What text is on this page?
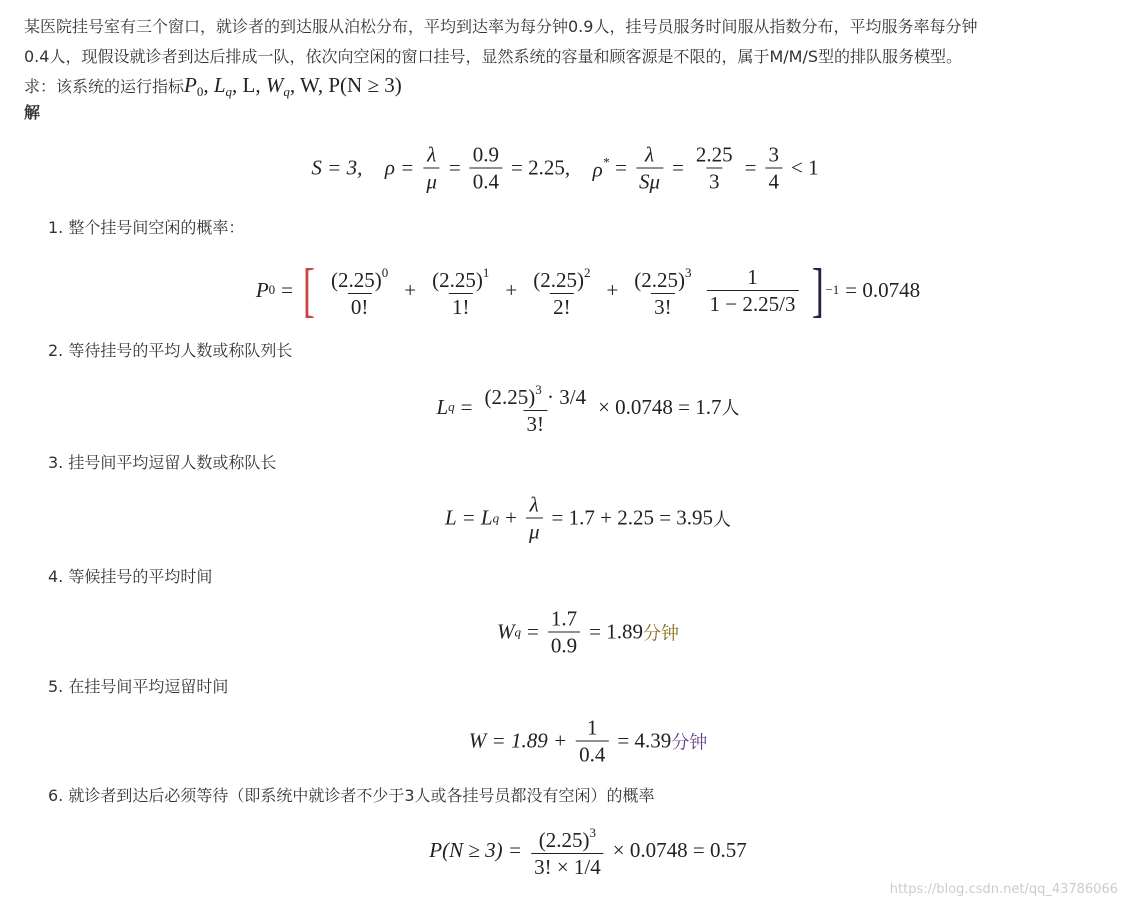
某医院挂号室有三个窗口，就诊者的到达服从泊松分布，平均到达率为每分钟0.9人，挂号员服务时间服从指数分布，平均服务率每分钟
0.4人，现假设就诊者到达后排成一队，依次向空闲的窗口挂号，显然系统的容量和顾客源是不限的，属于M/M/S型的排队服务模型。
求：该系统的运行指标$P_0$, $L_q$, L, $W_q$, W, P(N ≥ 3)
解
S = 3,
$\rho = \frac{\lambda}{\mu} = \frac{0.9}{0.4} = 2.25$,
$\rho^* = \frac{\lambda}{S\mu} = \frac{2.25}{3} = \frac{3}{4} < 1$
1. 整个挂号间空闲的概率：
P 0 = [ $\frac{(2.25)^0}{0!} + \frac{(2.25)^1}{1!} + \frac{(2.25)^2}{2!} + \frac{(2.25)^3}{3!} \frac{1}{1 - 2.25/3}$ ] −1 = 0.0748
2. 等待挂号的平均人数或称队列长
L $q = \frac{(2.25)^3 \cdot 3/4}{3!} \times 0.0748 = 1.7$ 人
3. 挂号间平均逗留人数或称队长
L = L $q + \frac{\lambda}{\mu} = 1.7 + 2.25 = 3.95$ 人
4. 等候挂号的平均时间
W $q = \frac{1.7}{0.9} = 1.89$ 分钟
5. 在挂号间平均逗留时间
$W = 1.89 + \frac{1}{0.4} = 4.39$ 分钟
6. 就诊者到达后必须等待（即系统中就诊者不少于3人或各挂号员都没有空闲）的概率
$P(N \ge 3) = \frac{(2.25)^3}{3! \times 1/4} \times 0.0748 = 0.57$
https://blog.csdn.net/qq_43786066
